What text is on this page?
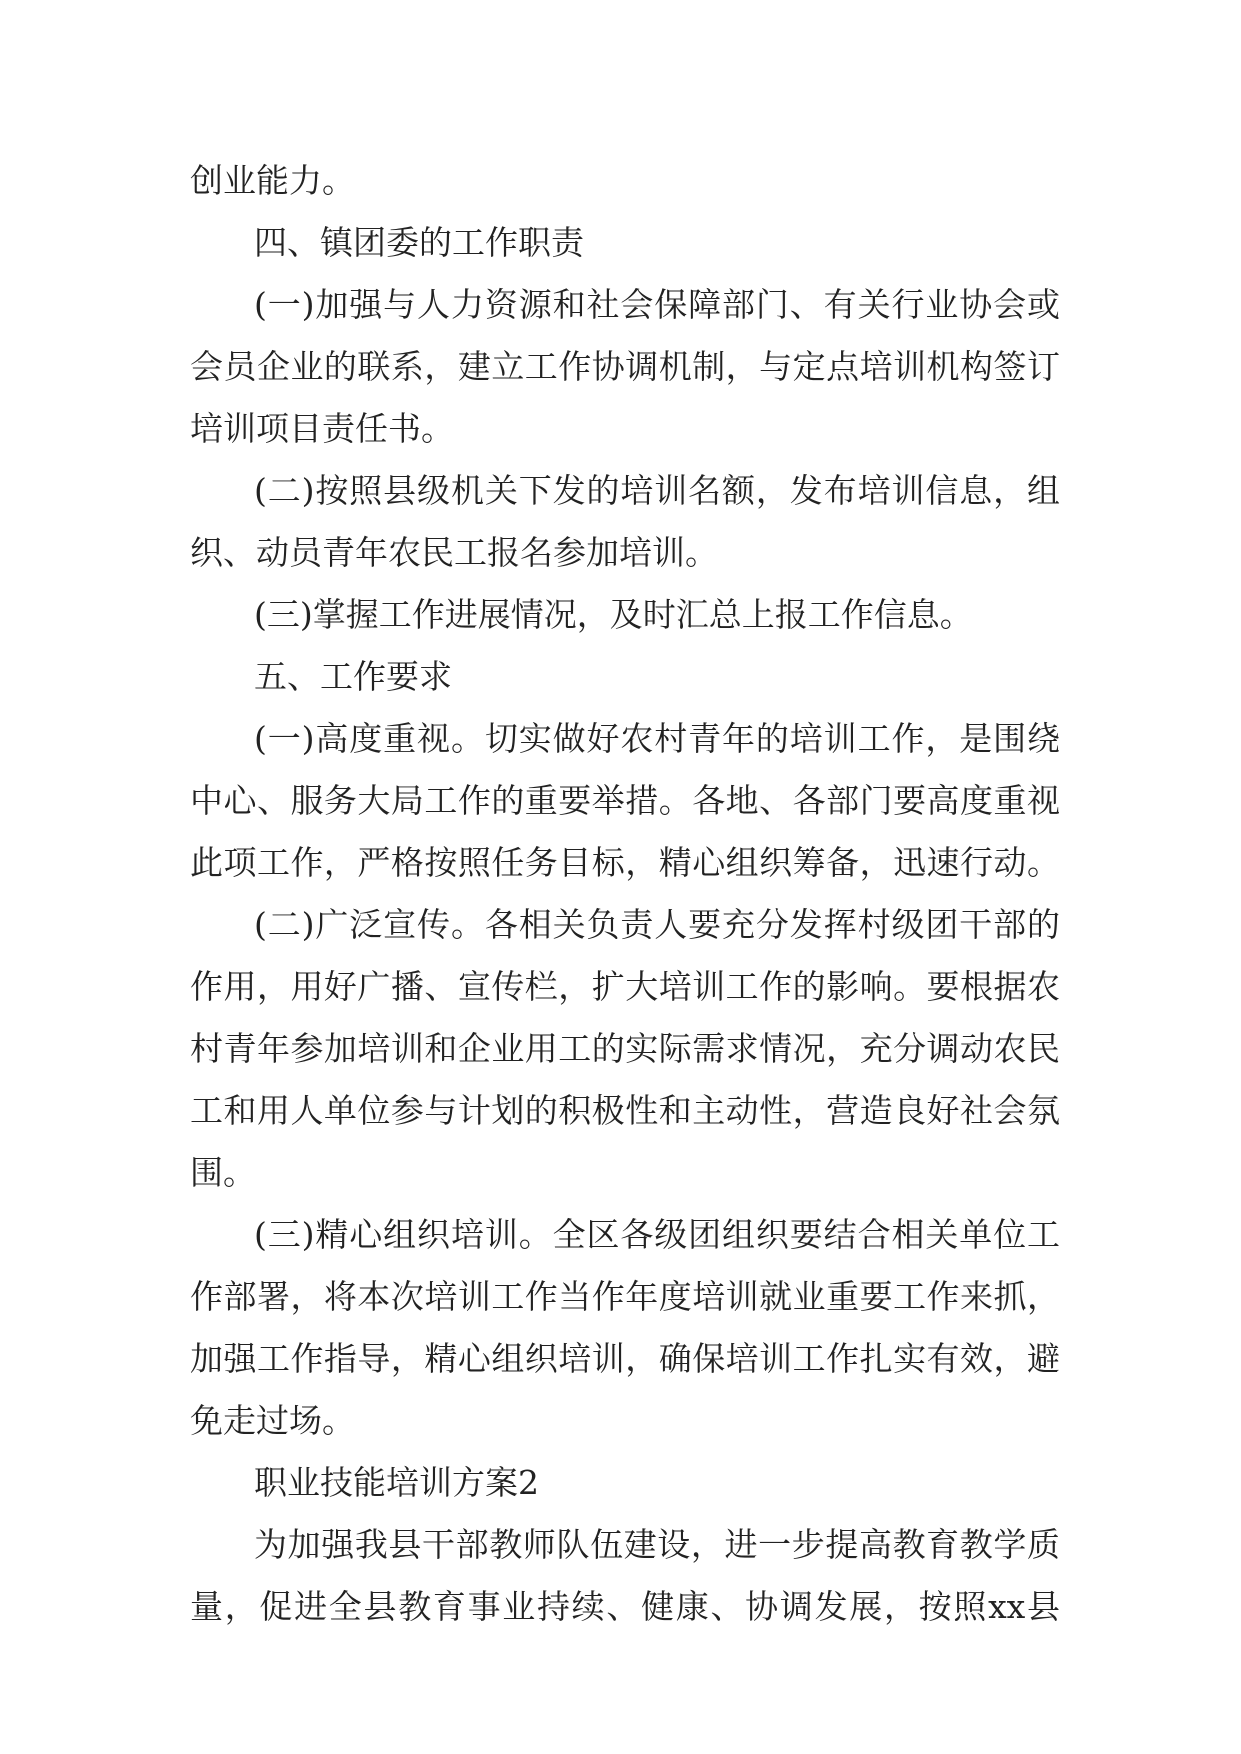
创业能力。
四、镇团委的工作职责
(一)加强与人力资源和社会保障部门、有关行业协会或
会员企业的联系，建立工作协调机制，与定点培训机构签订
培训项目责任书。
(二)按照县级机关下发的培训名额，发布培训信息，组
织、动员青年农民工报名参加培训。
(三)掌握工作进展情况，及时汇总上报工作信息。
五、工作要求
(一)高度重视。切实做好农村青年的培训工作，是围绕
中心、服务大局工作的重要举措。各地、各部门要高度重视
此项工作，严格按照任务目标，精心组织筹备，迅速行动。
(二)广泛宣传。各相关负责人要充分发挥村级团干部的
作用，用好广播、宣传栏，扩大培训工作的影响。要根据农
村青年参加培训和企业用工的实际需求情况，充分调动农民
工和用人单位参与计划的积极性和主动性，营造良好社会氛
围。
(三)精心组织培训。全区各级团组织要结合相关单位工
作部署，将本次培训工作当作年度培训就业重要工作来抓，
加强工作指导，精心组织培训，确保培训工作扎实有效，避
免走过场。
职业技能培训方案2
为加强我县干部教师队伍建设，进一步提高教育教学质
量，促进全县教育事业持续、健康、协调发展，按照xx县
